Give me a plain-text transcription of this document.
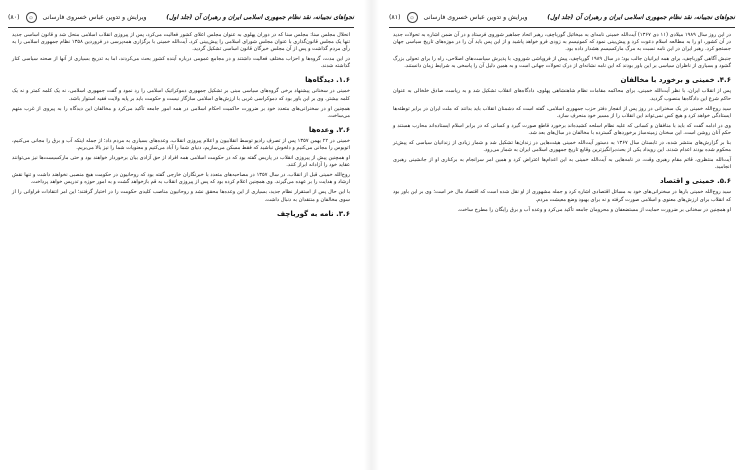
نجواهای نجیبانه، نقد نظام جمهوری اسلامی ایران و رهبران آن (جلد اول)
ویرایش و تدوین عباس خسروی فارسانی
۞
(۸۱)

در این روز سال ۱۹۸۹ میلادی (۱۱ دی ۱۳۶۷) آیت‌الله خمینی نامه‌ای به میخائیل گورباچف، رهبر اتحاد جماهیر شوروی فرستاد و در آن ضمن اشاره به تحولات جدید در آن کشور، او را به مطالعه اسلام دعوت کرد و پیش‌بینی نمود که کمونیسم به زودی فرو خواهد پاشید و از این پس باید آن را در موزه‌های تاریخ سیاسی جهان جستجو کرد. رهبر ایران در این نامه نسبت به مرگ مارکسیسم هشدار داده بود.

جنبش آگاهی گورباچف، برای همه ایرانیان جالب بود؛ در سال ۱۹۸۹ گورباچف، پیش از فروپاشی شوروی، با پذیرش سیاست‌های اصلاحی، راه را برای تحولی بزرگ گشود و بسیاری از ناظران سیاسی بر این باور بودند که این نامه نشانه‌ای از درک تحولات جهانی است و به همین دلیل آن را پاسخی به شرایط زمان دانستند.

۴.۶. خمینی و برخورد با مخالفان

پس از انقلاب ایران، با نظر آیت‌الله خمینی، برای محاکمه مقامات نظام شاهنشاهی پهلوی، دادگاه‌های انقلاب تشکیل شد و به ریاست صادق خلخالی به عنوان حاکم شرع این دادگاه‌ها منصوب گردید.

سید روح‌الله خمینی در یک سخنرانی در روز پس از انفجار دفتر حزب جمهوری اسلامی، گفته است که دشمنان انقلاب باید بدانند که ملت ایران در برابر توطئه‌ها ایستادگی خواهد کرد و هیچ کس نمی‌تواند این انقلاب را از مسیر خود منحرف سازد.

وی در ادامه گفت که باید با منافقان و کسانی که علیه نظام اسلحه کشیده‌اند برخورد قاطع صورت گیرد و کسانی که در برابر اسلام ایستاده‌اند محارب هستند و حکم آنان روشن است. این سخنان زمینه‌ساز برخوردهای گسترده با مخالفان در سال‌های بعد شد.

بنا بر گزارش‌های منتشر شده، در تابستان سال ۱۳۶۷ به دستور آیت‌الله خمینی هیئت‌هایی در زندان‌ها تشکیل شد و شمار زیادی از زندانیان سیاسی که پیش‌تر محکوم شده بودند اعدام شدند. این رویداد یکی از بحث‌برانگیزترین وقایع تاریخ جمهوری اسلامی ایران به شمار می‌رود.

آیت‌الله منتظری، قائم مقام رهبری وقت، در نامه‌هایی به آیت‌الله خمینی به این اعدام‌ها اعتراض کرد و همین امر سرانجام به برکناری او از جانشینی رهبری انجامید.

۵.۶. خمینی و اقتصاد

سید روح‌الله خمینی بارها در سخنرانی‌های خود به مسائل اقتصادی اشاره کرد و جمله مشهوری از او نقل شده است که اقتصاد مال خر است؛ وی بر این باور بود که انقلاب برای ارزش‌های معنوی و اسلامی صورت گرفته و نه برای بهبود وضع معیشت مردم.

او همچنین در سخنانی بر ضرورت حمایت از مستضعفان و محرومان جامعه تأکید می‌کرد و وعده آب و برق رایگان را مطرح ساخت.

نجواهای نجیبانه، نقد نظام جمهوری اسلامی ایران و رهبران آن (جلد اول)
ویرایش و تدوین عباس خسروی فارسانی
۞
(۸۰)

انحلال مجلس سنا: مجلس سنا که در دوران پهلوی به عنوان مجلس اعلای کشور فعالیت می‌کرد، پس از پیروزی انقلاب اسلامی منحل شد و قانون اساسی جدید تنها یک مجلس قانون‌گذاری با عنوان مجلس شورای اسلامی را پیش‌بینی کرد. آیت‌الله خمینی با برگزاری همه‌پرسی در فروردین ۱۳۵۸ نظام جمهوری اسلامی را به رأی مردم گذاشت و پس از آن مجلس خبرگان قانون اساسی تشکیل گردید.

در این مدت، گروه‌ها و احزاب مختلف فعالیت داشتند و در مجامع عمومی درباره آینده کشور بحث می‌کردند، اما به تدریج بسیاری از آنها از صحنه سیاسی کنار گذاشته شدند.

۱.۶. دیدگاه‌ها

خمینی در سخنانی پیشنهاد برخی گروه‌های سیاسی مبنی بر تشکیل جمهوری دموکراتیک اسلامی را رد نمود و گفت جمهوری اسلامی، نه یک کلمه کمتر و نه یک کلمه بیشتر. وی بر این باور بود که دموکراسی غربی با ارزش‌های اسلامی سازگار نیست و حکومت باید بر پایه ولایت فقیه استوار باشد.

همچنین او در سخنرانی‌های متعدد خود بر ضرورت حاکمیت احکام اسلامی در همه امور جامعه تأکید می‌کرد و مخالفان این دیدگاه را به پیروی از غرب متهم می‌ساخت.

۲.۶. وعده‌ها

خمینی در ۲۲ بهمن ۱۳۵۷ پس از تصرف رادیو توسط انقلابیون و اعلام پیروزی انقلاب، وعده‌های بسیاری به مردم داد؛ از جمله اینکه آب و برق را مجانی می‌کنیم، اتوبوس را مجانی می‌کنیم و دلخوش نباشید که فقط مسکن می‌سازیم، دنیای شما را آباد می‌کنیم و معنویات شما را نیز بالا می‌بریم.

او همچنین پیش از پیروزی انقلاب در پاریس گفته بود که در حکومت اسلامی همه افراد از حق آزادی بیان برخوردار خواهند بود و حتی مارکسیست‌ها نیز می‌توانند عقاید خود را آزادانه ابراز کنند.

روح‌الله خمینی قبل از انقلاب، در سال ۱۳۵۷ در مصاحبه‌های متعدد با خبرنگاران خارجی گفته بود که روحانیون در حکومت هیچ منصبی نخواهند داشت و تنها نقش ارشاد و هدایت را بر عهده می‌گیرند. وی همچنین اعلام کرده بود که پس از پیروزی انقلاب به قم بازخواهد گشت و به امور حوزه و تدریس خواهد پرداخت.

با این حال پس از استقرار نظام جدید، بسیاری از این وعده‌ها محقق نشد و روحانیون مناصب کلیدی حکومت را در اختیار گرفتند؛ این امر انتقادات فراوانی را از سوی مخالفان و منتقدان به دنبال داشت.

۳.۶. نامه به گورباچف
